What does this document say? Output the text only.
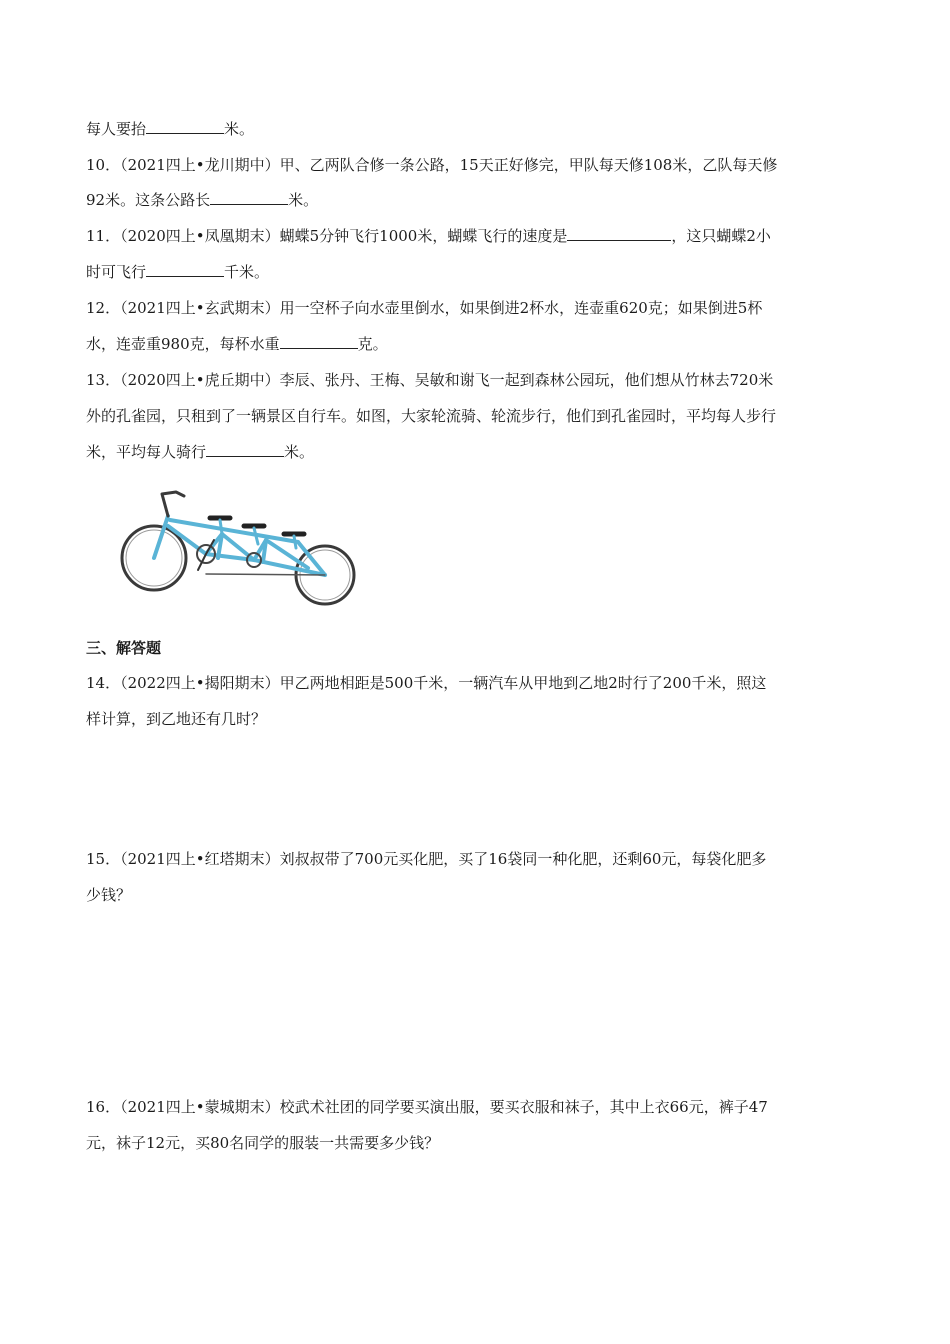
每人要抬	米。
10．（2021四上•龙川期中）甲、乙两队合修一条公路，15天正好修完，甲队每天修108米，乙队每天修
92米。这条公路长	米。
11．（2020四上•凤凰期末）蝴蝶5分钟飞行1000米，蝴蝶飞行的速度是	，这只蝴蝶2小
时可飞行	千米。
12．（2021四上•玄武期末）用一空杯子向水壶里倒水，如果倒进2杯水，连壶重620克；如果倒进5杯
水，连壶重980克，每杯水重	克。
13．（2020四上•虎丘期中）李辰、张丹、王梅、吴敏和谢飞一起到森林公园玩，他们想从竹林去720米
外的孔雀园，只租到了一辆景区自行车。如图，大家轮流骑、轮流步行，他们到孔雀园时，平均每人步行
米，平均每人骑行	米。
三、解答题
14．（2022四上•揭阳期末）甲乙两地相距是500千米，一辆汽车从甲地到乙地2时行了200千米，照这
样计算，到乙地还有几时？
15．（2021四上•红塔期末）刘叔叔带了700元买化肥，买了16袋同一种化肥，还剩60元，每袋化肥多
少钱？
16．（2021四上•蒙城期末）校武术社团的同学要买演出服，要买衣服和袜子，其中上衣66元，裤子47
元，袜子12元，买80名同学的服装一共需要多少钱？
